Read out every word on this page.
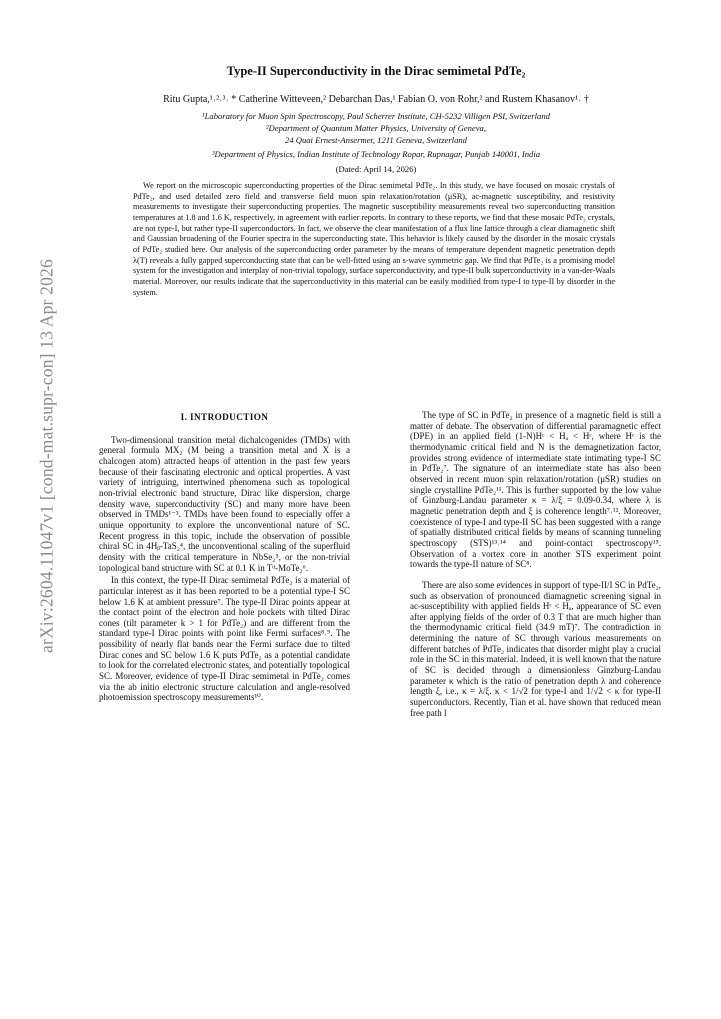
arXiv:2604.11047v1 [cond-mat.supr-con] 13 Apr 2026
Type-II Superconductivity in the Dirac semimetal PdTe₂
Ritu Gupta,¹˒²˒³˒ * Catherine Witteveen,² Debarchan Das,¹ Fabian O. von Rohr,² and Rustem Khasanov¹˒ †
¹Laboratory for Muon Spin Spectroscopy, Paul Scherrer Institute, CH-5232 Villigen PSI, Switzerland
²Department of Quantum Matter Physics, University of Geneva,
24 Quai Ernest-Ansermet, 1211 Geneva, Switzerland
³Department of Physics, Indian Institute of Technology Ropar, Rupnagar, Punjab 140001, India
(Dated: April 14, 2026)

We report on the microscopic superconducting properties of the Dirac semimetal PdTe₂. In this study, we have focused on mosaic crystals of PdTe₂, and used detailed zero field and transverse field muon spin relaxation/rotation (μSR), ac-magnetic susceptibility, and resistivity measurements to investigate their superconducting properties. The magnetic susceptibility measurements reveal two superconducting transition temperatures at 1.8 and 1.6 K, respectively, in agreement with earlier reports. In contrary to these reports, we find that these mosaic PdTe₂ crystals, are not type-I, but rather type-II superconductors. In fact, we observe the clear manifestation of a flux line lattice through a clear diamagnetic shift and Gaussian broadening of the Fourier spectra in the superconducting state. This behavior is likely caused by the disorder in the mosaic crystals of PdTe₂ studied here. Our analysis of the superconducting order parameter by the means of temperature dependent magnetic penetration depth λ(T) reveals a fully gapped superconducting state that can be well-fitted using an s-wave symmetric gap. We find that PdTe₂ is a promising model system for the investigation and interplay of non-trivial topology, surface superconductivity, and type-II bulk superconductivity in a van-der-Waals material. Moreover, our results indicate that the superconductivity in this material can be easily modified from type-I to type-II by disorder in the system.

I. INTRODUCTION

Two-dimensional transition metal dichalcogenides (TMDs) with general formula MX₂ (M being a transition metal and X is a chalcogen atom) attracted heaps of attention in the past few years because of their fascinating electronic and optical properties. A vast variety of intriguing, intertwined phenomena such as topological non-trivial electronic band structure, Dirac like dispersion, charge density wave, superconductivity (SC) and many more have been observed in TMDs¹⁻³. TMDs have been found to especially offer a unique opportunity to explore the unconventional nature of SC. Recent progress in this topic, include the observation of possible chiral SC in 4Hᵦ-TaS₂⁴, the unconventional scaling of the superfluid density with the critical temperature in NbSe₂⁵, or the non-trivial topological band structure with SC at 0.1 K in Tᵈ-MoTe₂⁶.

In this context, the type-II Dirac semimetal PdTe₂ is a material of particular interest as it has been reported to be a potential type-I SC below 1.6 K at ambient pressure⁷. The type-II Dirac points appear at the contact point of the electron and hole pockets with tilted Dirac cones (tilt parameter k > 1 for PdTe₂) and are different from the standard type-I Dirac points with point like Fermi surfaces⁸˒⁹. The possibility of nearly flat bands near the Fermi surface due to tilted Dirac cones and SC below 1.6 K puts PdTe₂ as a potential candidate to look for the correlated electronic states, and potentially topological SC. Moreover, evidence of type-II Dirac semimetal in PdTe₂ comes via the ab initio electronic structure calculation and angle-resolved photoemission spectroscopy measurements¹⁰.

The type of SC in PdTe₂ in presence of a magnetic field is still a matter of debate. The observation of differential paramagnetic effect (DPE) in an applied field (1-N)Hᶜ < Hₐ < Hᶜ, where Hᶜ is the thermodynamic critical field and N is the demagnetization factor, provides strong evidence of intermediate state intimating type-I SC in PdTe₂⁷. The signature of an intermediate state has also been observed in recent muon spin relaxation/rotation (μSR) studies on single crystalline PdTe₂¹¹. This is further supported by the low value of Ginzburg-Landau parameter κ = λ/ξ = 0.09-0.34, where λ is magnetic penetration depth and ξ is coherence length⁷˒¹². Moreover, coexistence of type-I and type-II SC has been suggested with a range of spatially distributed critical fields by means of scanning tunneling spectroscopy (STS)¹³˒¹⁴ and point-contact spectroscopy¹⁵. Observation of a vortex core in another STS experiment point towards the type-II nature of SC⁸.

There are also some evidences in support of type-II/I SC in PdTe₂, such as observation of pronounced diamagnetic screening signal in ac-susceptibility with applied fields Hᶜ < Hₐ, appearance of SC even after applying fields of the order of 0.3 T that are much higher than the thermodynamic critical field (34.9 mT)⁷. The contradiction in determining the nature of SC through various measurements on different batches of PdTe₂ indicates that disorder might play a crucial role in the SC in this material. Indeed, it is well known that the nature of SC is decided through a dimensionless Ginzburg-Landau parameter κ which is the ratio of penetration depth λ and coherence length ξ, i.e., κ = λ/ξ. κ < 1/√2 for type-I and 1/√2 < κ for type-II superconductors. Recently, Tian et al. have shown that reduced mean free path l
